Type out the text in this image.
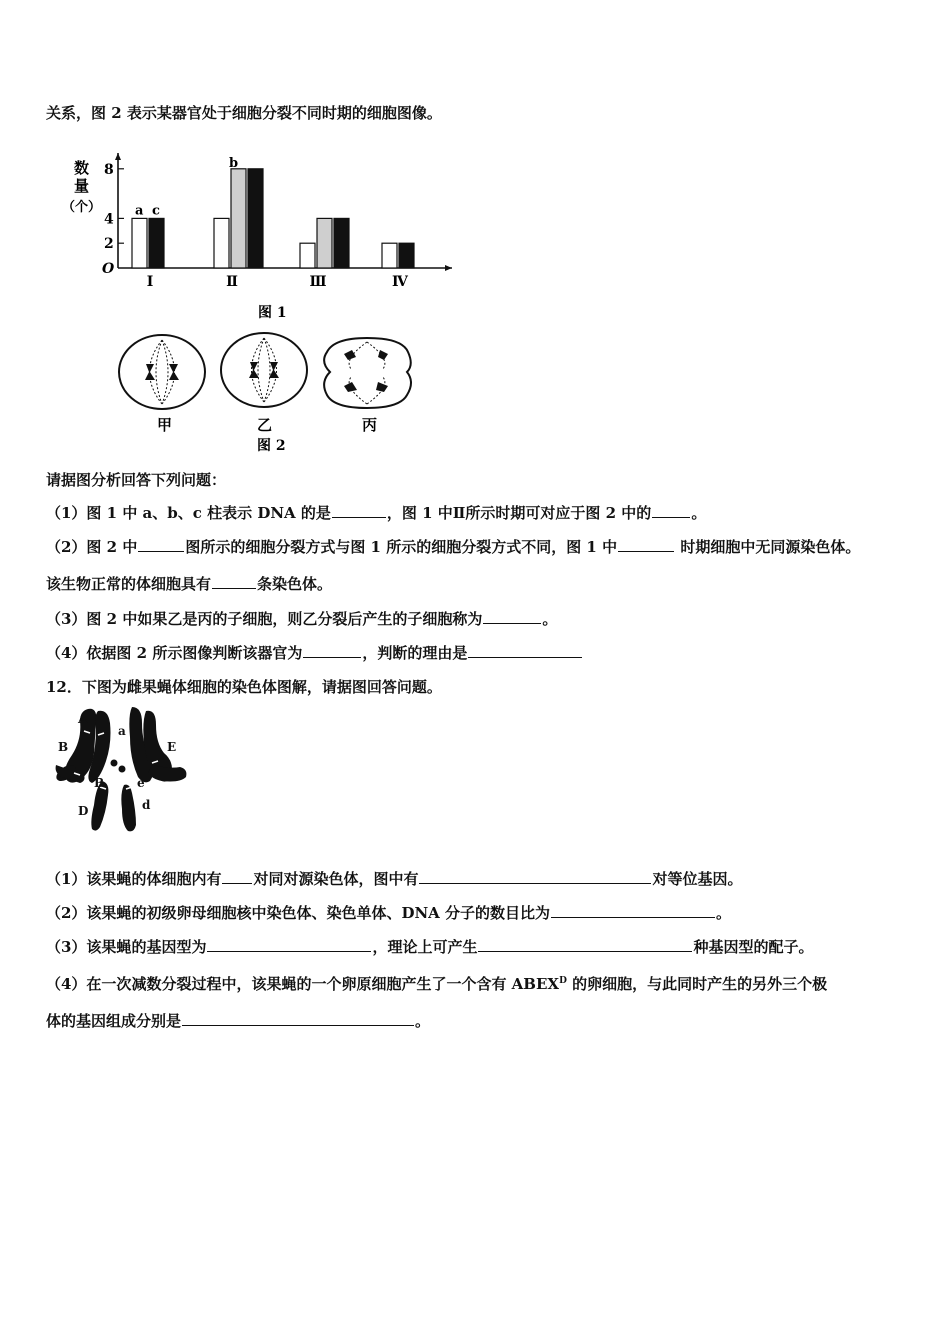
关系，图 2 表示某器官处于细胞分裂不同时期的细胞图像。
数
量
（个）
8
4
2
O
a c
Ⅰ
b
Ⅱ	Ⅲ	Ⅳ
图 1
甲	乙	丙
图 2
请据图分析回答下列问题：
（1）图 1 中 a、b、c 柱表示 DNA 的是	，图 1 中Ⅱ所示时期可对应于图 2 中的	。
（2）图 2 中	图所示的细胞分裂方式与图 1 所示的细胞分裂方式不同，图 1 中	时期细胞中无同源染色体。
该生物正常的体细胞具有	条染色体。
（3）图 2 中如果乙是丙的子细胞，则乙分裂后产生的子细胞称为	。
（4）依据图 2 所示图像判断该器官为	，判断的理由是
12．下图为雌果蝇体细胞的染色体图解，请据图回答问题。
A
a
B	E
B	e
D	d
（1）该果蝇的体细胞内有 对同对源染色体，图中有	对等位基因。
（2）该果蝇的初级卵母细胞核中染色体、染色单体、DNA 分子的数目比为	。
（3）该果蝇的基因型为	，理论上可产生	种基因型的配子。
（4）在一次减数分裂过程中，该果蝇的一个卵原细胞产生了一个含有 $ABEX^D$ 的卵细胞，与此同时产生的另外三个极
体的基因组成分别是	。
